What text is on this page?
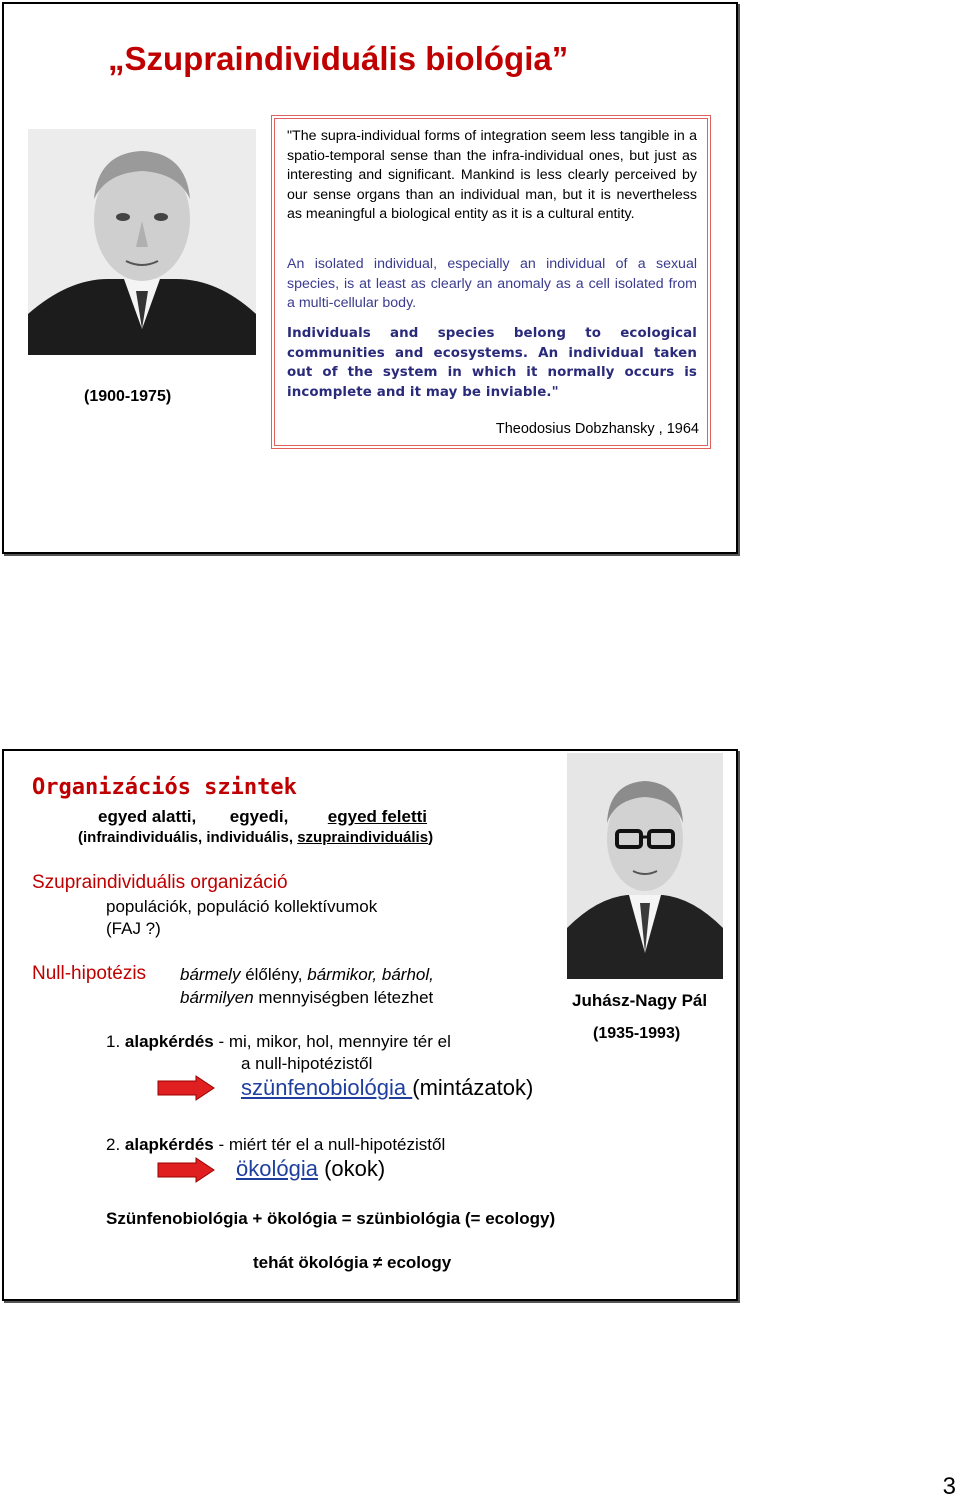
„Szupraindividuális biológia”
(1900-1975)
"The supra-individual forms of integration seem less tangible in a spatio-temporal sense than the infra-individual ones, but just as interesting and significant. Mankind is less clearly perceived by our sense organs than an individual man, but it is nevertheless as meaningful a biological entity as it is a cultural entity.
An isolated individual, especially an individual of a sexual species, is at least as clearly an anomaly as a cell isolated from a multi-cellular body.
Individuals and species belong to ecological communities and ecosystems. An individual taken out of the system in which it normally occurs is incomplete and it may be inviable."
Theodosius Dobzhansky , 1964
Organizációs szintek
egyed alatti, egyedi, egyed feletti
(infraindividuális, individuális, szupraindividuális)
Szupraindividuális organizáció
populációk, populáció kollektívumok
(FAJ ?)
Null-hipotézis bármely élőlény, bármikor, bárhol,
bármilyen mennyiségben létezhet	Juhász-Nagy Pál
(1935-1993)
1. alapkérdés - mi, mikor, hol, mennyire tér el
a null-hipotézistől
szünfenobiológia (mintázatok)
2. alapkérdés - miért tér el a null-hipotézistől
ökológia (okok)
Szünfenobiológia + ökológia = szünbiológia (= ecology)
tehát ökológia ≠ ecology
3
